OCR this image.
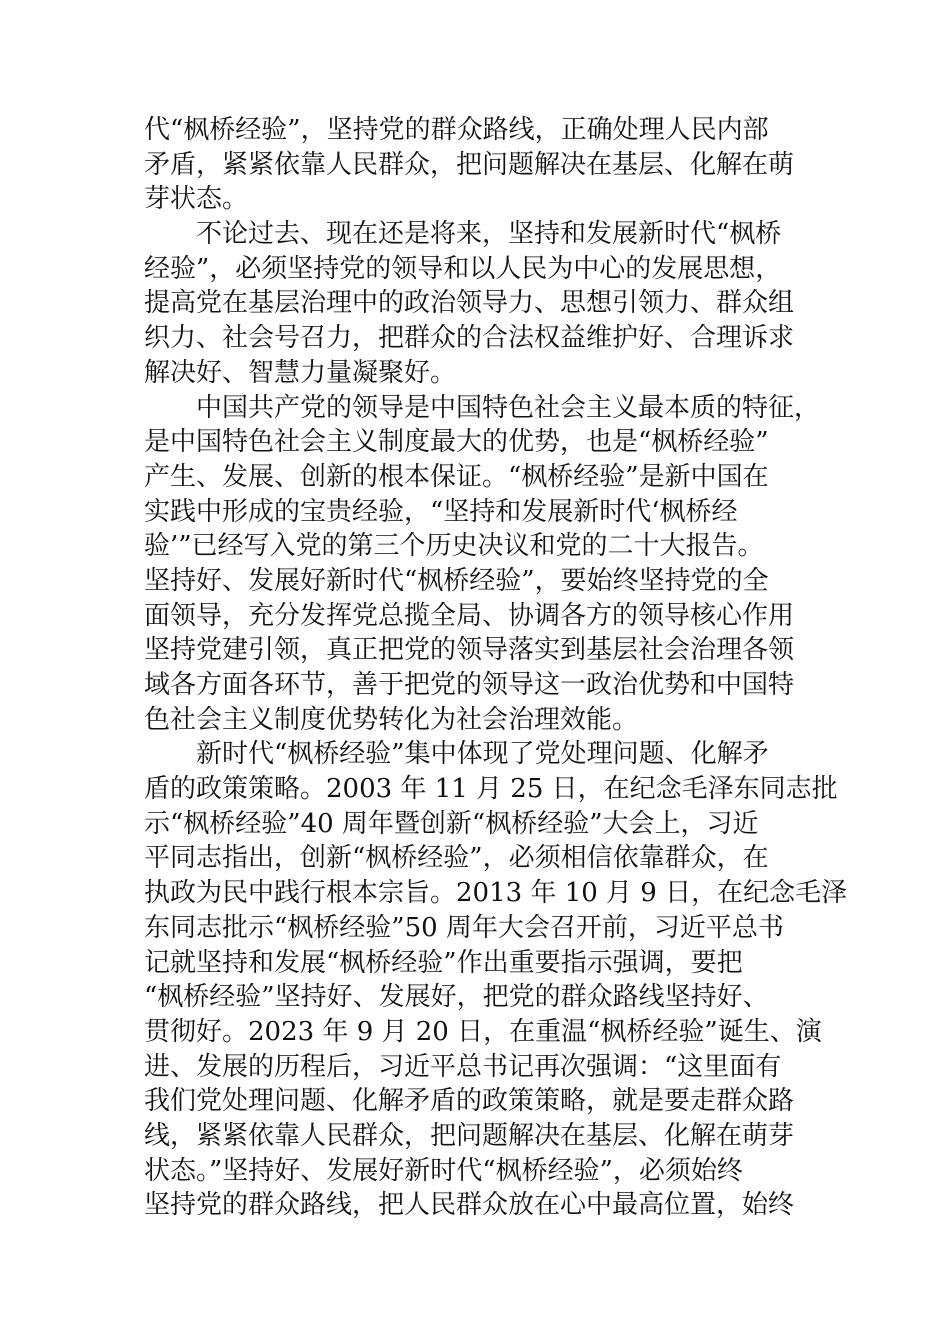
代“枫桥经验”，坚持党的群众路线，正确处理人民内部
矛盾，紧紧依靠人民群众，把问题解决在基层、化解在萌
芽状态。
　　不论过去、现在还是将来，坚持和发展新时代“枫桥
经验”，必须坚持党的领导和以人民为中心的发展思想，
提高党在基层治理中的政治领导力、思想引领力、群众组
织力、社会号召力，把群众的合法权益维护好、合理诉求
解决好、智慧力量凝聚好。
　　中国共产党的领导是中国特色社会主义最本质的特征，
是中国特色社会主义制度最大的优势，也是“枫桥经验”
产生、发展、创新的根本保证。“枫桥经验”是新中国在
实践中形成的宝贵经验，“坚持和发展新时代‘枫桥经
验’”已经写入党的第三个历史决议和党的二十大报告。
坚持好、发展好新时代“枫桥经验”，要始终坚持党的全
面领导，充分发挥党总揽全局、协调各方的领导核心作用
坚持党建引领，真正把党的领导落实到基层社会治理各领
域各方面各环节，善于把党的领导这一政治优势和中国特
色社会主义制度优势转化为社会治理效能。
　　新时代“枫桥经验”集中体现了党处理问题、化解矛
盾的政策策略。2003 年 11 月 25 日，在纪念毛泽东同志批
示“枫桥经验”40 周年暨创新“枫桥经验”大会上，习近
平同志指出，创新“枫桥经验”，必须相信依靠群众，在
执政为民中践行根本宗旨。2013 年 10 月 9 日，在纪念毛泽
东同志批示“枫桥经验”50 周年大会召开前，习近平总书
记就坚持和发展“枫桥经验”作出重要指示强调，要把
“枫桥经验”坚持好、发展好，把党的群众路线坚持好、
贯彻好。2023 年 9 月 20 日，在重温“枫桥经验”诞生、演
进、发展的历程后，习近平总书记再次强调：“这里面有
我们党处理问题、化解矛盾的政策策略，就是要走群众路
线，紧紧依靠人民群众，把问题解决在基层、化解在萌芽
状态。”坚持好、发展好新时代“枫桥经验”，必须始终
坚持党的群众路线，把人民群众放在心中最高位置，始终
